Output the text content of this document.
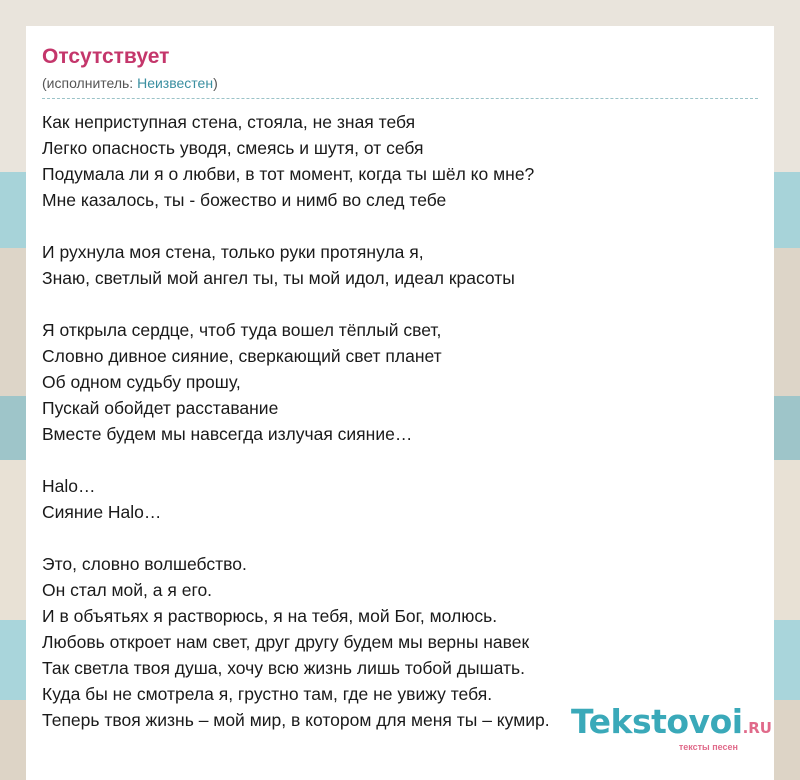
Отсутствует
(исполнитель: Неизвестен)
Как неприступная стена, стояла, не зная тебя
Легко опасность уводя, смеясь и шутя, от себя
Подумала ли я о любви, в тот момент, когда ты шёл ко мне?
Мне казалось, ты - божество и нимб во след тебе
И рухнула моя стена, только руки протянула я,
Знаю, светлый мой ангел ты, ты мой идол, идеал красоты
Я открыла сердце, чтоб туда вошел тёплый свет,
Словно дивное сияние, сверкающий свет планет
Об одном судьбу прошу,
Пускай обойдет расставание
Вместе будем мы навсегда излучая сияние…
Halo…
Сияние Halo…
Это, словно волшебство.
Он стал мой, а я его.
И в объятьях я растворюсь, я на тебя, мой Бог, молюсь.
Любовь откроет нам свет, друг другу будем мы верны навек
Так светла твоя душа, хочу всю жизнь лишь тобой дышать.
Куда бы не смотрела я, грустно там, где не увижу тебя.
Теперь твоя жизнь – мой мир, в котором для меня ты – кумир. Tekstovoi.RU
тексты песен
